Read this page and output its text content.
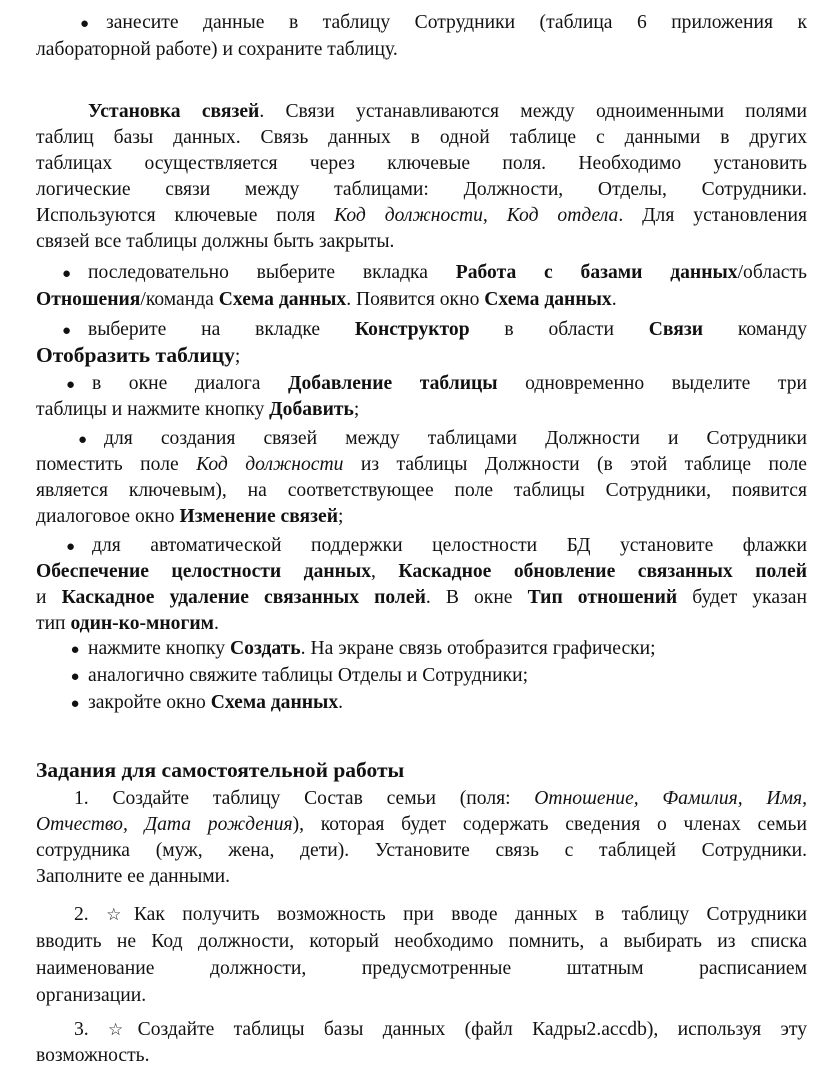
● занесите данные в таблицу Сотрудники (таблица 6 приложения к
лабораторной работе) и сохраните таблицу.
Установка связей. Связи устанавливаются между одноименными полями
таблиц базы данных. Связь данных в одной таблице с данными в других
таблицах осуществляется через ключевые поля. Необходимо установить
логические связи между таблицами: Должности, Отделы, Сотрудники.
Используются ключевые поля Код должности, Код отдела. Для установления
связей все таблицы должны быть закрыты.
● последовательно выберите вкладка Работа с базами данных/область
Отношения/команда Схема данных. Появится окно Схема данных.
● выберите на вкладке Конструктор в области Связи команду
Отобразить таблицу;
● в окне диалога Добавление таблицы одновременно выделите три
таблицы и нажмите кнопку Добавить;
● для создания связей между таблицами Должности и Сотрудники
поместить поле Код должности из таблицы Должности (в этой таблице поле
является ключевым), на соответствующее поле таблицы Сотрудники, появится
диалоговое окно Изменение связей;
● для автоматической поддержки целостности БД установите флажки
Обеспечение целостности данных, Каскадное обновление связанных полей
и Каскадное удаление связанных полей. В окне Тип отношений будет указан
тип один-ко-многим.
● нажмите кнопку Создать. На экране связь отобразится графически;
● аналогично свяжите таблицы Отделы и Сотрудники;
● закройте окно Схема данных.
Задания для самостоятельной работы
1. Создайте таблицу Состав семьи (поля: Отношение, Фамилия, Имя,
Отчество, Дата рождения), которая будет содержать сведения о членах семьи
сотрудника (муж, жена, дети). Установите связь с таблицей Сотрудники.
Заполните ее данными.
2. ☆Как получить возможность при вводе данных в таблицу Сотрудники
вводить не Код должности, который необходимо помнить, а выбирать из списка
наименование должности, предусмотренные штатным расписанием
организации.
3. ☆Создайте таблицы базы данных (файл Кадры2.accdb), используя эту
возможность.
